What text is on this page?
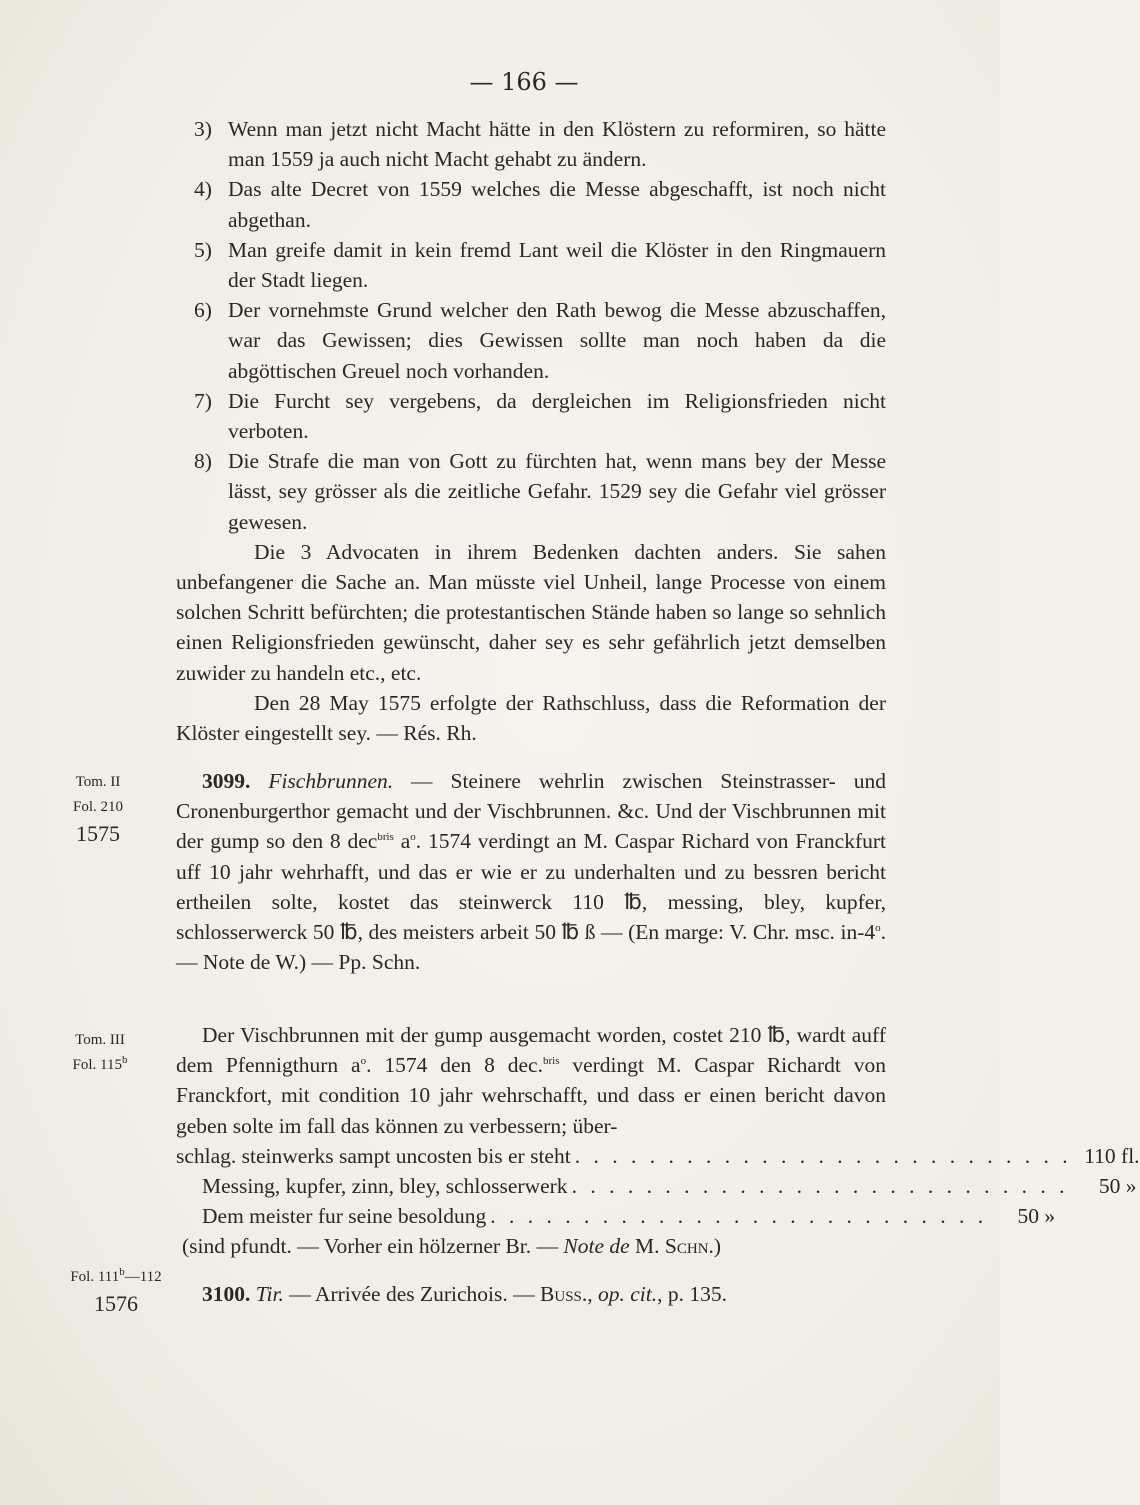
— 166 —

3) Wenn man jetzt nicht Macht hätte in den Klöstern zu reformiren, so hätte man 1559 ja auch nicht Macht gehabt zu ändern.

4) Das alte Decret von 1559 welches die Messe abgeschafft, ist noch nicht abgethan.

5) Man greife damit in kein fremd Lant weil die Klöster in den Ringmauern der Stadt liegen.

6) Der vornehmste Grund welcher den Rath bewog die Messe abzuschaffen, war das Gewissen; dies Gewissen sollte man noch haben da die abgöttischen Greuel noch vorhanden.

7) Die Furcht sey vergebens, da dergleichen im Religionsfrieden nicht verboten.

8) Die Strafe die man von Gott zu fürchten hat, wenn mans bey der Messe lässt, sey grösser als die zeitliche Gefahr. 1529 sey die Gefahr viel grösser gewesen.

Die 3 Advocaten in ihrem Bedenken dachten anders. Sie sahen unbefangener die Sache an. Man müsste viel Unheil, lange Processe von einem solchen Schritt befürchten; die protestantischen Stände haben so lange so sehnlich einen Religionsfrieden gewünscht, daher sey es sehr gefährlich jetzt demselben zuwider zu handeln etc., etc.

Den 28 May 1575 erfolgte der Rathschluss, dass die Reformation der Klöster eingestellt sey. — Rés. Rh.

Tom. II
Fol. 210
1575

3099. Fischbrunnen. — Steinere wehrlin zwischen Steinstrasser- und Cronenburgerthor gemacht und der Vischbrunnen. &c. Und der Vischbrunnen mit der gump so den 8 dec$^{bris}$ $a^o$. 1574 verdingt an M. Caspar Richard von Franckfurt uff 10 jahr wehrhafft, und das er wie er zu underhalten und zu bessren bericht ertheilen solte, kostet das steinwerck 110 ℔, messing, bley, kupfer, schlosserwerck 50 ℔, des meisters arbeit 50 ℔ ß — (En marge: V. Chr. msc. in-4$^o$. — Note de W.) — Pp. Schn.

Tom. III
Fol. 115$^b$

Der Vischbrunnen mit der gump ausgemacht worden, costet 210 ℔, wardt auff dem Pfennigthurn $a^o$. 1574 den 8 dec.$^{bris}$ verdingt M. Caspar Richardt von Franckfort, mit condition 10 jahr wehrschafft, und dass er einen bericht davon geben solte im fall das können zu verbessern; über-

schlag. steinwerks sampt uncosten bis er steht . . . . . . . . . . . . . . . . . . . . . . . . . . . 110 fl.
Messing, kupfer, zinn, bley, schlosserwerk . . . . . . . . . . . . . . . . . . . . . . . . . . .	50 »
Dem meister fur seine besoldung . . . . . . . . . . . . . . . . . . . . . . . . . . .	50 »

(sind pfundt. — Vorher ein hölzerner Br. — Note de M. Schn.)

Fol. 111$^b$—112
1576	3100. Tir. — Arrivée des Zurichois. — Buss., op. cit., p. 135.
